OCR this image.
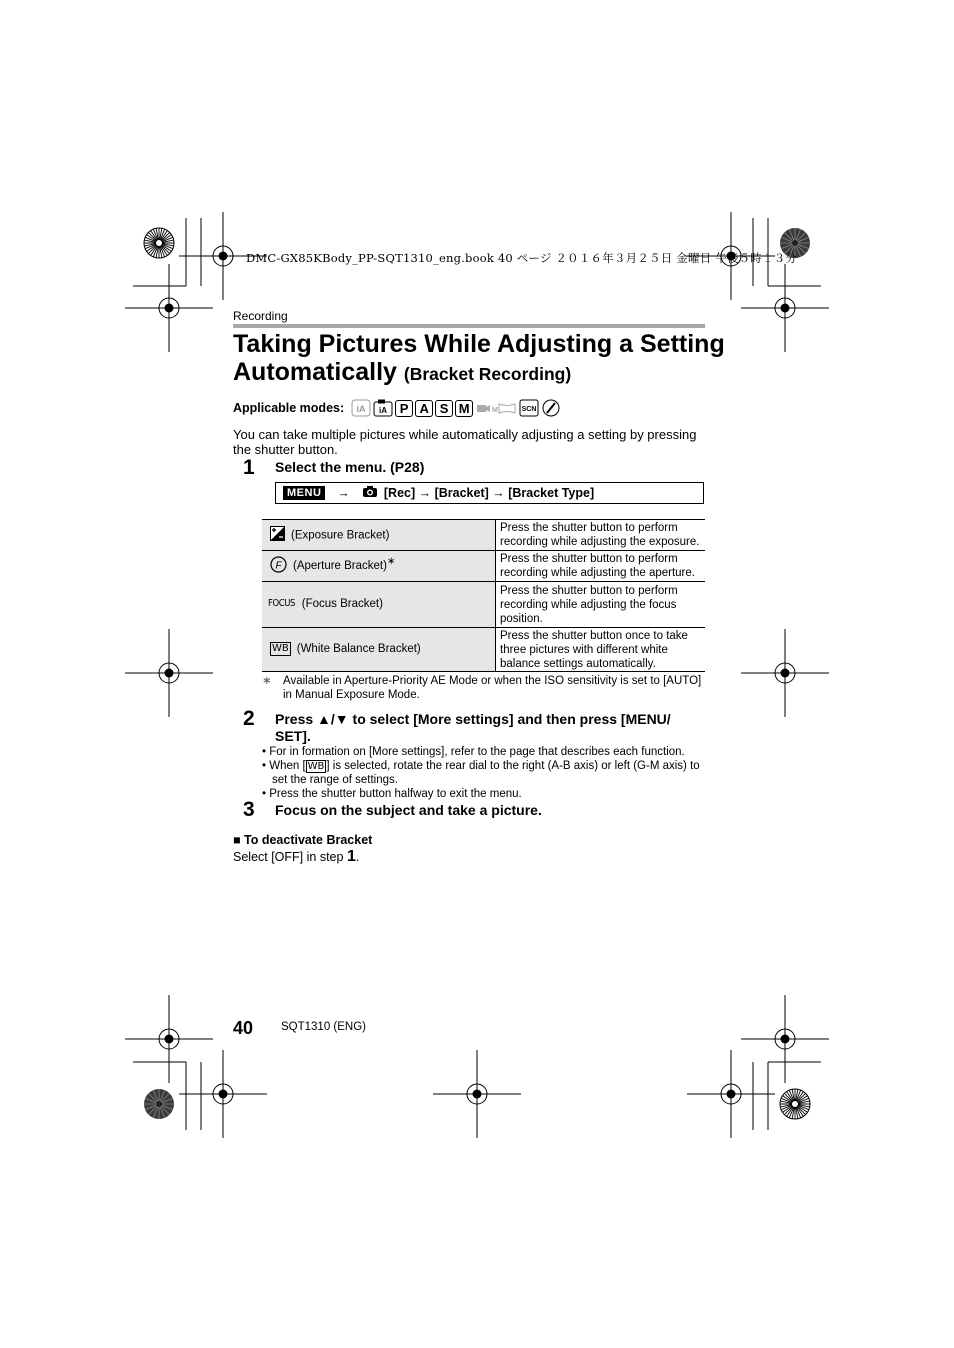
DMC-GX85KBody_PP-SQT1310_eng.book 40 ページ ２０１６年３月２５日 金曜日 午後５時１３分
Recording
Taking Pictures While Adjusting a Setting
Automatically (Bracket Recording)
Applicable modes: iA iA P A S M	M	SCN
You can take multiple pictures while automatically adjusting a setting by pressing the shutter button.
1 Select the menu. (P28)
MENU	→	[Rec] → [Bracket] → [Bracket Type]
(Exposure Bracket)	Press the shutter button to perform recording while adjusting the exposure.

F (Aperture Bracket)∗	Press the shutter button to perform recording while adjusting the aperture.
FOCUS (Focus Bracket)	Press the shutter button to perform recording while adjusting the focus position.
WB (White Balance Bracket)	Press the shutter button once to take three pictures with different white balance settings automatically.
∗ Available in Aperture-Priority AE Mode or when the ISO sensitivity is set to [AUTO] in Manual Exposure Mode.
2 Press ▲/▼ to select [More settings] and then press [MENU/ SET].
• For in formation on [More settings], refer to the page that describes each function.
• When [ WB ] is selected, rotate the rear dial to the right (A-B axis) or left (G-M axis) to set the range of settings.
• Press the shutter button halfway to exit the menu.
3 Focus on the subject and take a picture.
■ To deactivate Bracket
Select [OFF] in step 1.
40 SQT1310 (ENG)
